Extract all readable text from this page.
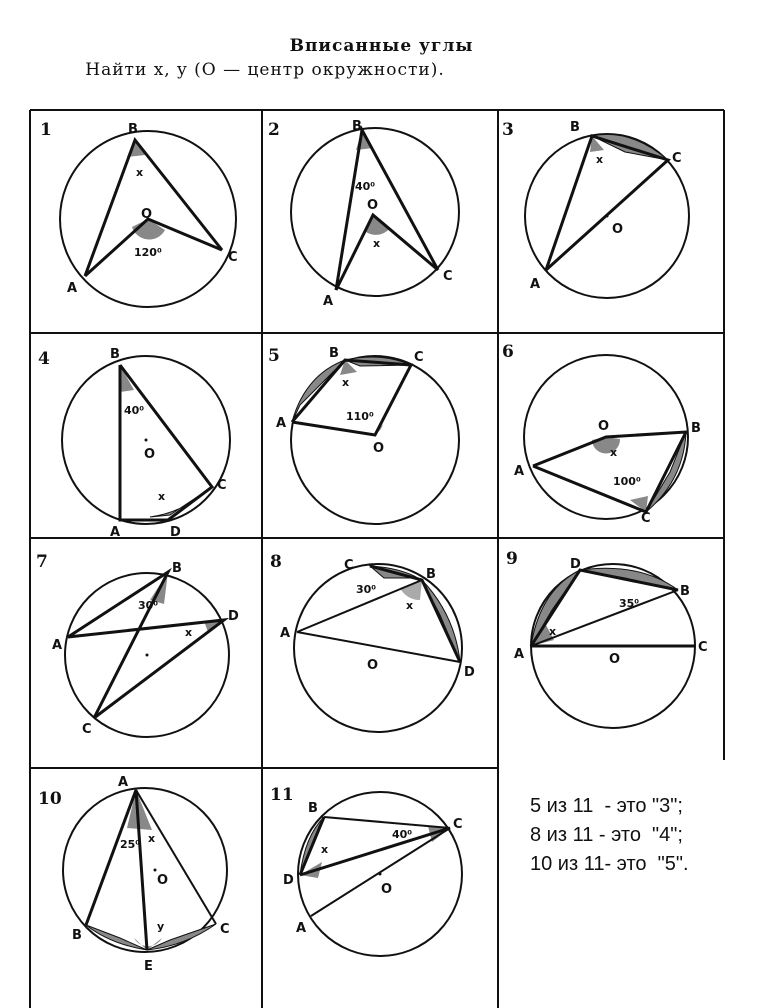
Вписанные углы
Найти x, y (O — центр окружности).
1	B
A
C
O
x
120⁰
2	B
A
C
O
40⁰
x
3	B
A
C
O
x
4	B
A
C
D
O
40⁰
x
5	B	C
A
O
x
110⁰
6
O	B
A
C
x
100⁰
7	B
D
A
C
30⁰
x
8	C
B
A
D
O
30⁰
x
9	D
B
A	C
O
35⁰
x
10
A
B	C
E
O
25⁰ x
y
11
B
C
D
A
O
40⁰
x
5 из 11  - это "3";
8 из 11 - это  "4";
10 из 11- это  "5".
